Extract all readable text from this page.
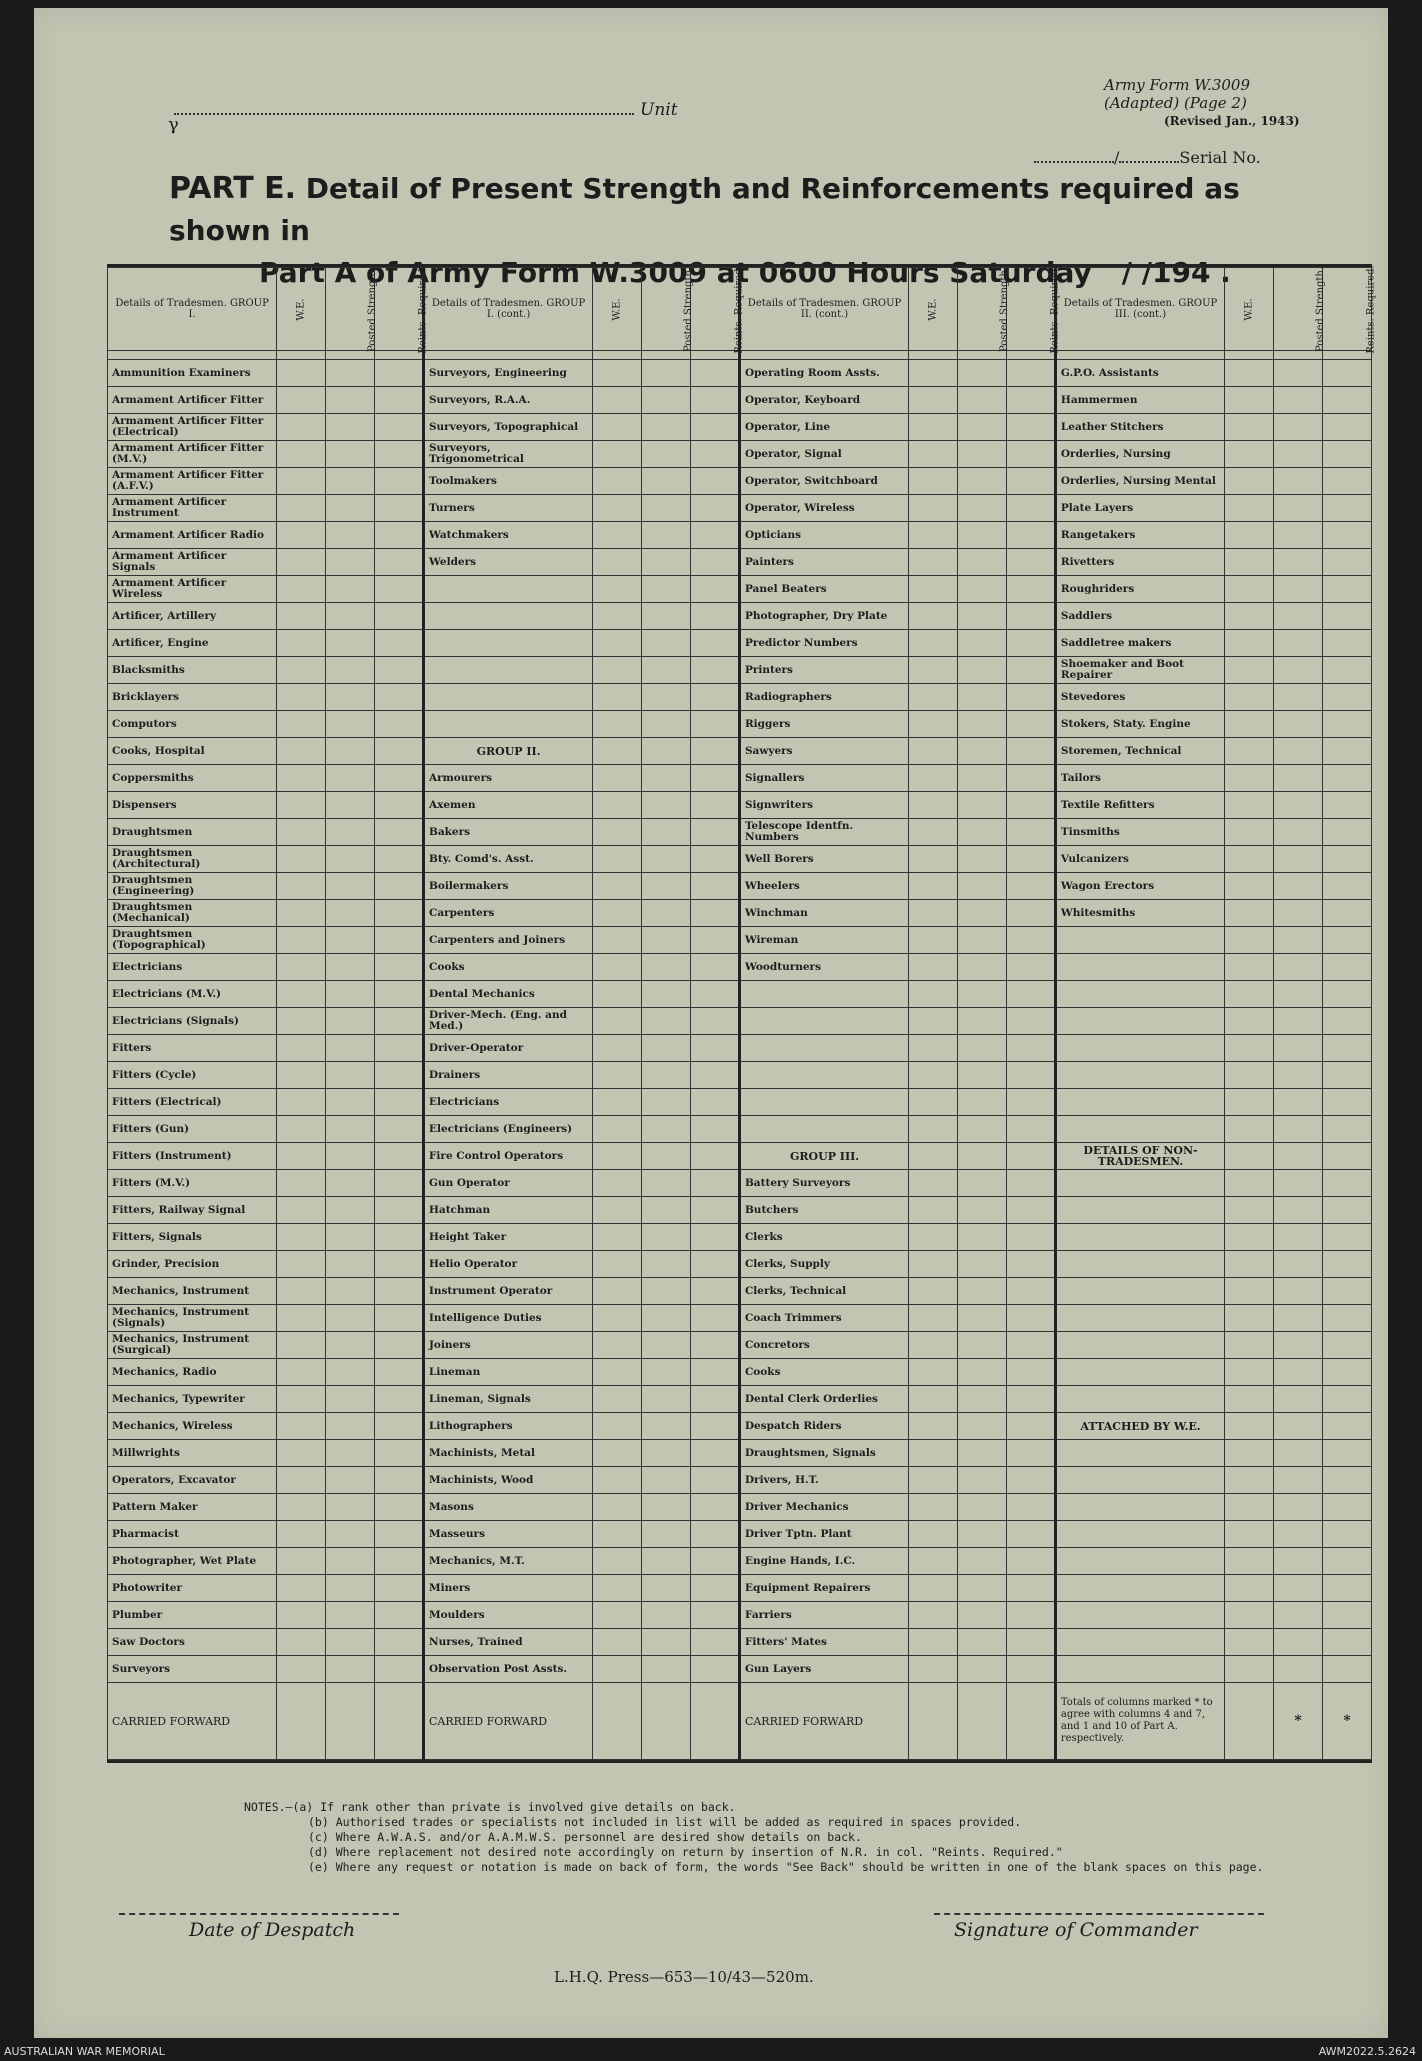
γ
Unit
Army Form W.3009
(Adapted) (Page 2)
(Revised Jan., 1943)
/	Serial No.
PART E. Detail of Present Strength and Reinforcements required as shown in
Part A of Army Form W.3009 at 0600 Hours Saturday / /194 .
Details of Tradesmen. GROUP I.	W.E.	Posted Strength.	Reints. Required.	Details of Tradesmen. GROUP I. (cont.)	W.E.	Posted Strength.	Reints. Required.	Details of Tradesmen. GROUP II. (cont.)	W.E.	Posted Strength.	Reints. Required.	Details of Tradesmen. GROUP III. (cont.)	W.E.	Posted Strength.	Reints. Required.

Ammunition Examiners				Surveyors, Engineering				Operating Room Assts.				G.P.O. Assistants			
Armament Artificer Fitter				Surveyors, R.A.A.				Operator, Keyboard				Hammermen			
Armament Artificer Fitter (Electrical)				Surveyors, Topographical				Operator, Line				Leather Stitchers			
Armament Artificer Fitter (M.V.)				Surveyors, Trigonometrical				Operator, Signal				Orderlies, Nursing			
Armament Artificer Fitter (A.F.V.)				Toolmakers				Operator, Switchboard				Orderlies, Nursing Mental			
Armament Artificer Instrument				Turners				Operator, Wireless				Plate Layers			
Armament Artificer Radio				Watchmakers				Opticians				Rangetakers			
Armament Artificer Signals				Welders				Painters				Rivetters			
Armament Artificer Wireless								Panel Beaters				Roughriders			
Artificer, Artillery								Photographer, Dry Plate				Saddlers			
Artificer, Engine								Predictor Numbers				Saddletree makers			
Blacksmiths								Printers				Shoemaker and Boot Repairer			
Bricklayers								Radiographers				Stevedores			
Computors								Riggers				Stokers, Staty. Engine			
Cooks, Hospital				GROUP II.				Sawyers				Storemen, Technical			
Coppersmiths				Armourers				Signallers				Tailors			
Dispensers				Axemen				Signwriters				Textile Refitters			
Draughtsmen				Bakers				Telescope Identfn. Numbers				Tinsmiths			
Draughtsmen (Architectural)				Bty. Comd's. Asst.				Well Borers				Vulcanizers			
Draughtsmen (Engineering)				Boilermakers				Wheelers				Wagon Erectors			
Draughtsmen (Mechanical)				Carpenters				Winchman				Whitesmiths			
Draughtsmen (Topographical)				Carpenters and Joiners				Wireman							
Electricians				Cooks				Woodturners							
Electricians (M.V.)				Dental Mechanics											
Electricians (Signals)				Driver-Mech. (Eng. and Med.)											
Fitters				Driver-Operator											
Fitters (Cycle)				Drainers											
Fitters (Electrical)				Electricians											
Fitters (Gun)				Electricians (Engineers)											
Fitters (Instrument)				Fire Control Operators				GROUP III.				DETAILS OF NON-TRADESMEN.			
Fitters (M.V.)				Gun Operator				Battery Surveyors							
Fitters, Railway Signal				Hatchman				Butchers							
Fitters, Signals				Height Taker				Clerks							
Grinder, Precision				Helio Operator				Clerks, Supply							
Mechanics, Instrument				Instrument Operator				Clerks, Technical							
Mechanics, Instrument (Signals)				Intelligence Duties				Coach Trimmers							
Mechanics, Instrument (Surgical)				Joiners				Concretors							
Mechanics, Radio				Lineman				Cooks							
Mechanics, Typewriter				Lineman, Signals				Dental Clerk Orderlies							
Mechanics, Wireless				Lithographers				Despatch Riders				ATTACHED BY W.E.			
Millwrights				Machinists, Metal				Draughtsmen, Signals							
Operators, Excavator				Machinists, Wood				Drivers, H.T.							
Pattern Maker				Masons				Driver Mechanics							
Pharmacist				Masseurs				Driver Tptn. Plant							
Photographer, Wet Plate				Mechanics, M.T.				Engine Hands, I.C.							
Photowriter				Miners				Equipment Repairers							
Plumber				Moulders				Farriers							
Saw Doctors				Nurses, Trained				Fitters' Mates							
Surveyors				Observation Post Assts.				Gun Layers							
CARRIED FORWARD				CARRIED FORWARD				CARRIED FORWARD				Totals of columns marked * to agree with columns 4 and 7, and 1 and 10 of Part A. respectively.		*	*
NOTES.—(a) If rank other than private is involved give details on back.
(b) Authorised trades or specialists not included in list will be added as required in spaces provided.
(c) Where A.W.A.S. and/or A.A.M.W.S. personnel are desired show details on back.
(d) Where replacement not desired note accordingly on return by insertion of N.R. in col. "Reints. Required."
(e) Where any request or notation is made on back of form, the words "See Back" should be written in one of the blank spaces on this page.
Date of Despatch	Signature of Commander
L.H.Q. Press—653—10/43—520m.
AUSTRALIAN WAR MEMORIAL	AWM2022.5.2624
